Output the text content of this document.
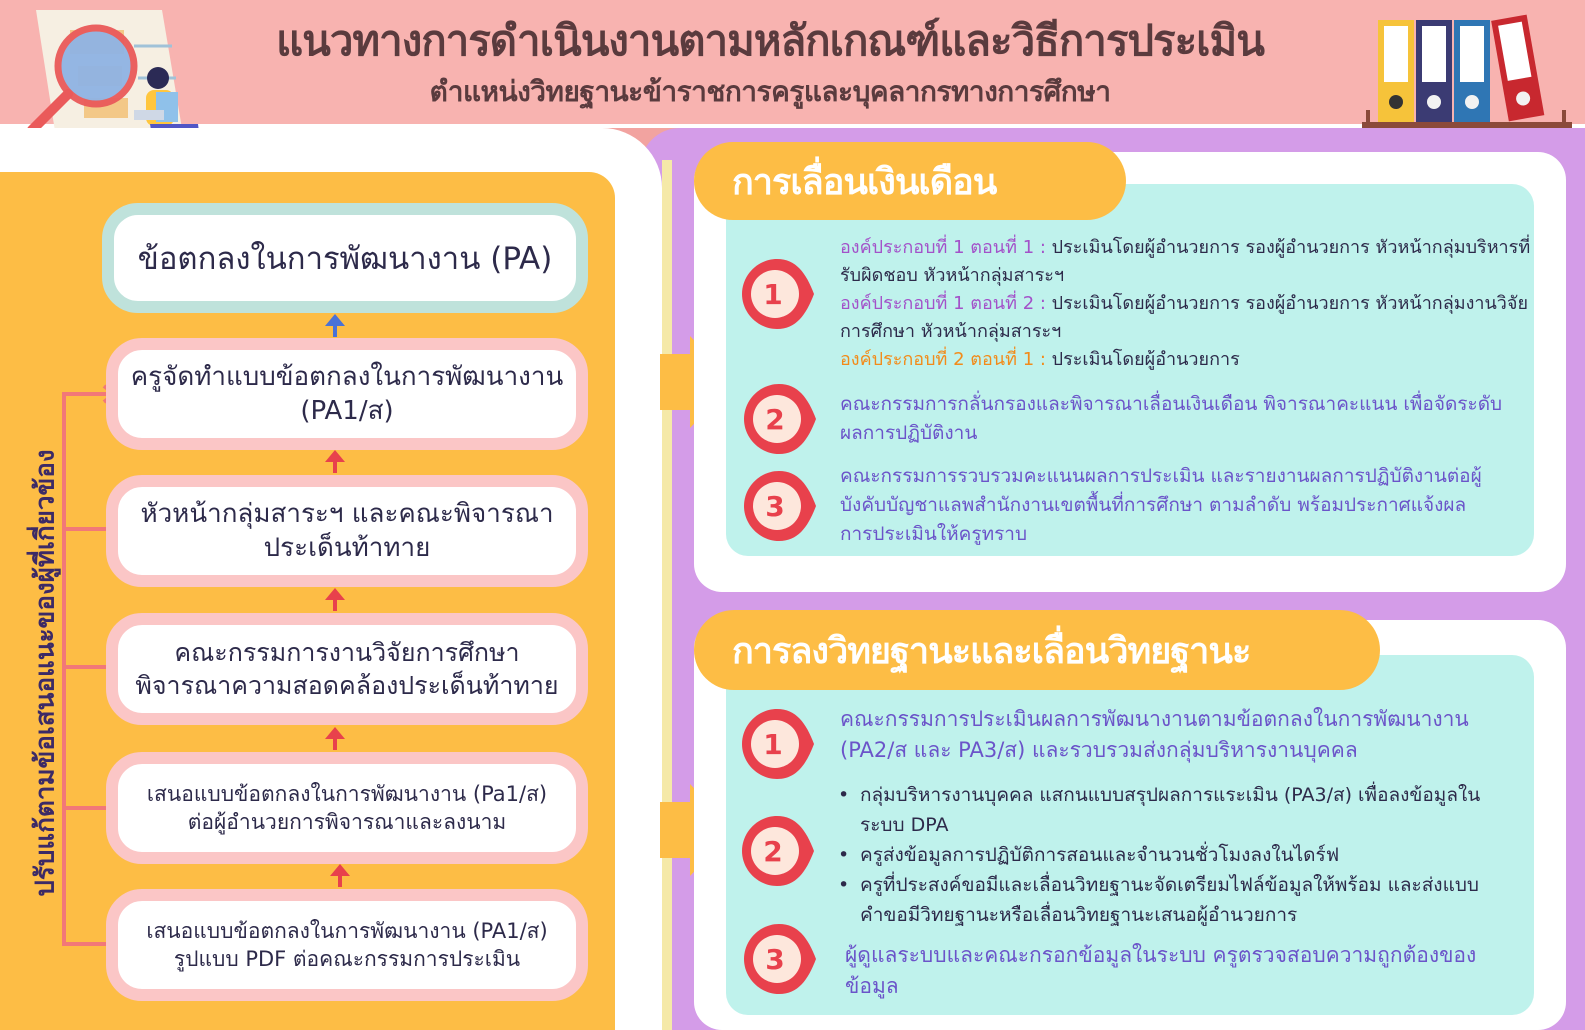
แนวทางการดำเนินงานตามหลักเกณฑ์และวิธีการประเมิน
ตำแหน่งวิทยฐานะข้าราชการครูและบุคลากรทางการศึกษา
ปรับแก้ตามข้อเสนอแนะของผู้ที่เกี่ยวข้อง
ข้อตกลงในการพัฒนางาน (PA)
ครูจัดทำแบบข้อตกลงในการพัฒนางาน
(PA1/ส)
หัวหน้ากลุ่มสาระฯ และคณะพิจารณา
ประเด็นท้าทาย
คณะกรรมการงานวิจัยการศึกษา
พิจารณาความสอดคล้องประเด็นท้าทาย
เสนอแบบข้อตกลงในการพัฒนางาน (Pa1/ส)
ต่อผู้อำนวยการพิจารณาและลงนาม
เสนอแบบข้อตกลงในการพัฒนางาน (PA1/ส)
รูปแบบ PDF ต่อคณะกรรมการประเมิน
การเลื่อนเงินเดือน
1
2
3
องค์ประกอบที่ 1 ตอนที่ 1 : ประเมินโดยผู้อำนวยการ รองผู้อำนวยการ หัวหน้ากลุ่มบริหารที่
รับผิดชอบ หัวหน้ากลุ่มสาระฯ
องค์ประกอบที่ 1 ตอนที่ 2 : ประเมินโดยผู้อำนวยการ รองผู้อำนวยการ หัวหน้ากลุ่มงานวิจัย
การศึกษา หัวหน้ากลุ่มสาระฯ
องค์ประกอบที่ 2 ตอนที่ 1 : ประเมินโดยผู้อำนวยการ
คณะกรรมการกลั่นกรองและพิจารณาเลื่อนเงินเดือน พิจารณาคะแนน เพื่อจัดระดับ
ผลการปฏิบัติงาน
คณะกรรมการรวบรวมคะแนนผลการประเมิน และรายงานผลการปฏิบัติงานต่อผู้
บังคับบัญชาแลพสำนักงานเขตพื้นที่การศึกษา ตามลำดับ พร้อมประกาศแจ้งผล
การประเมินให้ครูทราบ
การลงวิทยฐานะและเลื่อนวิทยฐานะ
1
2
3
คณะกรรมการประเมินผลการพัฒนางานตามข้อตกลงในการพัฒนางาน
(PA2/ส และ PA3/ส) และรวบรวมส่งกลุ่มบริหารงานบุคคล
• กลุ่มบริหารงานบุคคล แสกนแบบสรุปผลการแระเมิน (PA3/ส) เพื่อลงข้อมูลใน
ระบบ DPA
• ครูส่งข้อมูลการปฏิบัติการสอนและจำนวนชั่วโมงลงในไดร์ฟ
• ครูที่ประสงค์ขอมีและเลื่อนวิทยฐานะจัดเตรียมไฟล์ข้อมูลให้พร้อม และส่งแบบ
คำขอมีวิทยฐานะหรือเลื่อนวิทยฐานะเสนอผู้อำนวยการ
ผู้ดูแลระบบและคณะกรอกข้อมูลในระบบ ครูตรวจสอบความถูกต้องของ
ข้อมูล
